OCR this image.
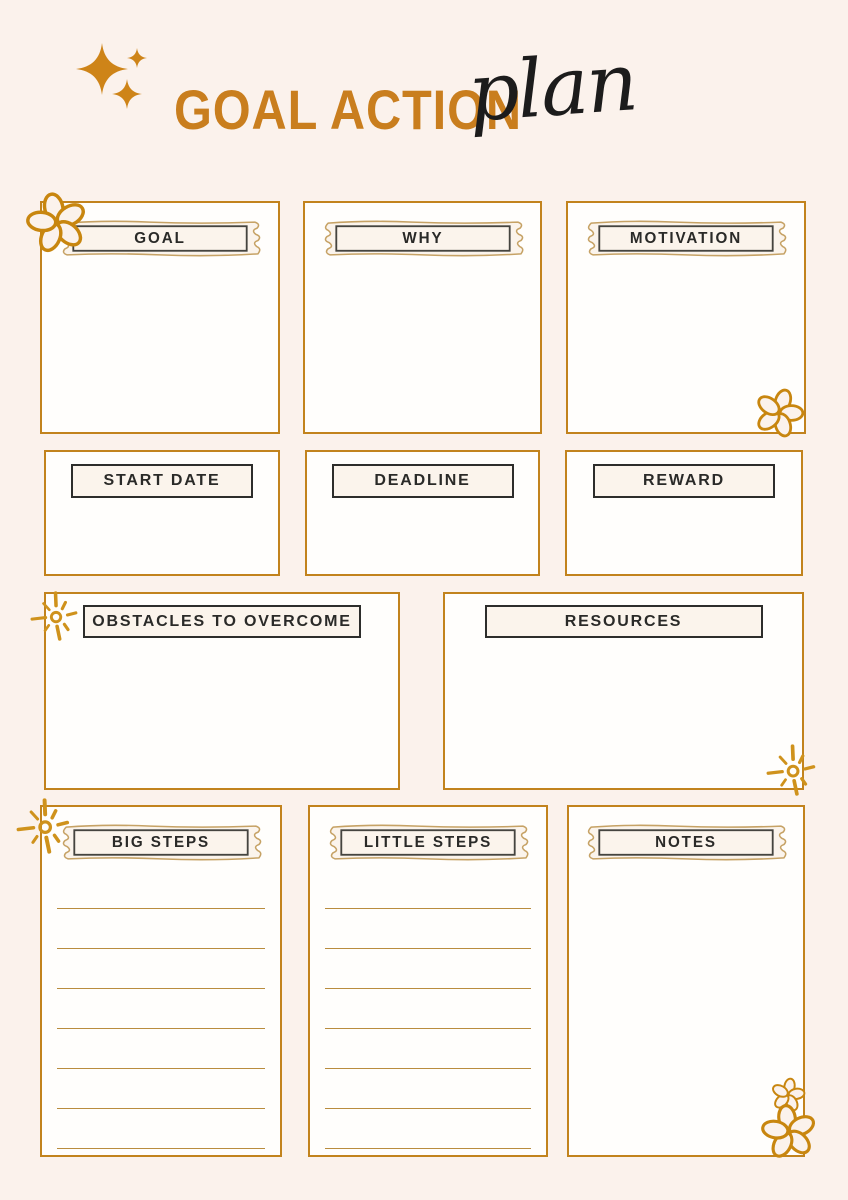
GOAL ACTION
plan
GOAL	WHY	MOTIVATION
START DATE	DEADLINE	REWARD
OBSTACLES TO OVERCOME	RESOURCES
BIG STEPS	LITTLE STEPS	NOTES
